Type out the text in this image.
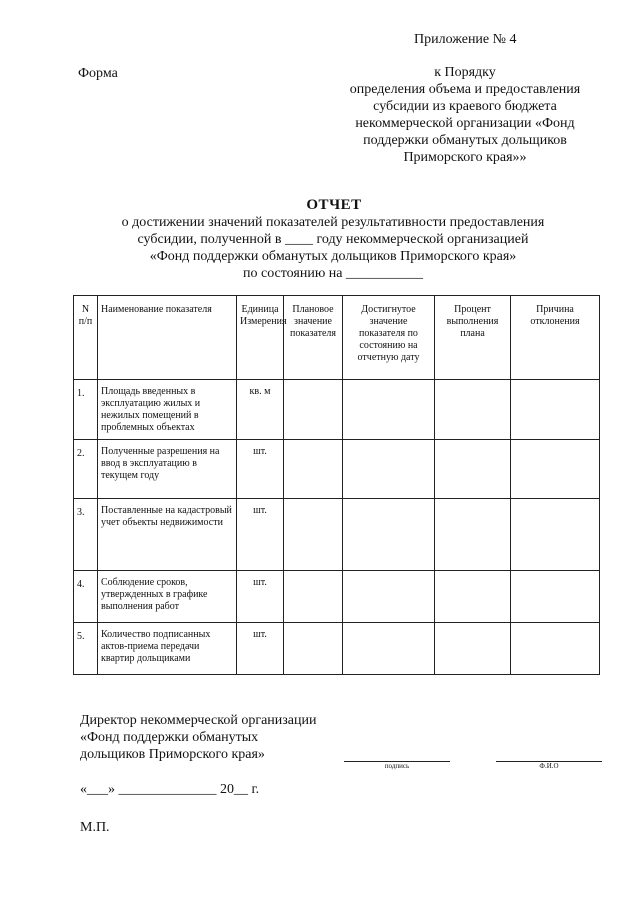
Приложение № 4
Форма	к Порядку
определения объема и предоставления
субсидии из краевого бюджета
некоммерческой организации «Фонд
поддержки обманутых дольщиков
Приморского края»»
ОТЧЕТ
о достижении значений показателей результативности предоставления
субсидии, полученной в ____ году некоммерческой организацией
«Фонд поддержки обманутых дольщиков Приморского края»
по состоянию на ___________
N п/п	Наименование показателя	Единица Измерения	Плановое значение показателя	Достигнутое значение показателя по состоянию на отчетную дату	Процент выполнения плана	Причина отклонения
1.	Площадь введенных в эксплуатацию жилых и нежилых помещений в проблемных объектах	кв. м				
2.	Полученные разрешения на ввод в эксплуатацию в текущем году	шт.				
3.	Поставленные на кадастровый учет объекты недвижимости	шт.				
4.	Соблюдение сроков, утвержденных в графике выполнения работ	шт.				
5.	Количество подписанных актов-приема передачи квартир дольщиками	шт.				
Директор некоммерческой организации
«Фонд поддержки обманутых
дольщиков Приморского края»
подпись	Ф.И.О
«___» ______________ 20__ г.
М.П.
